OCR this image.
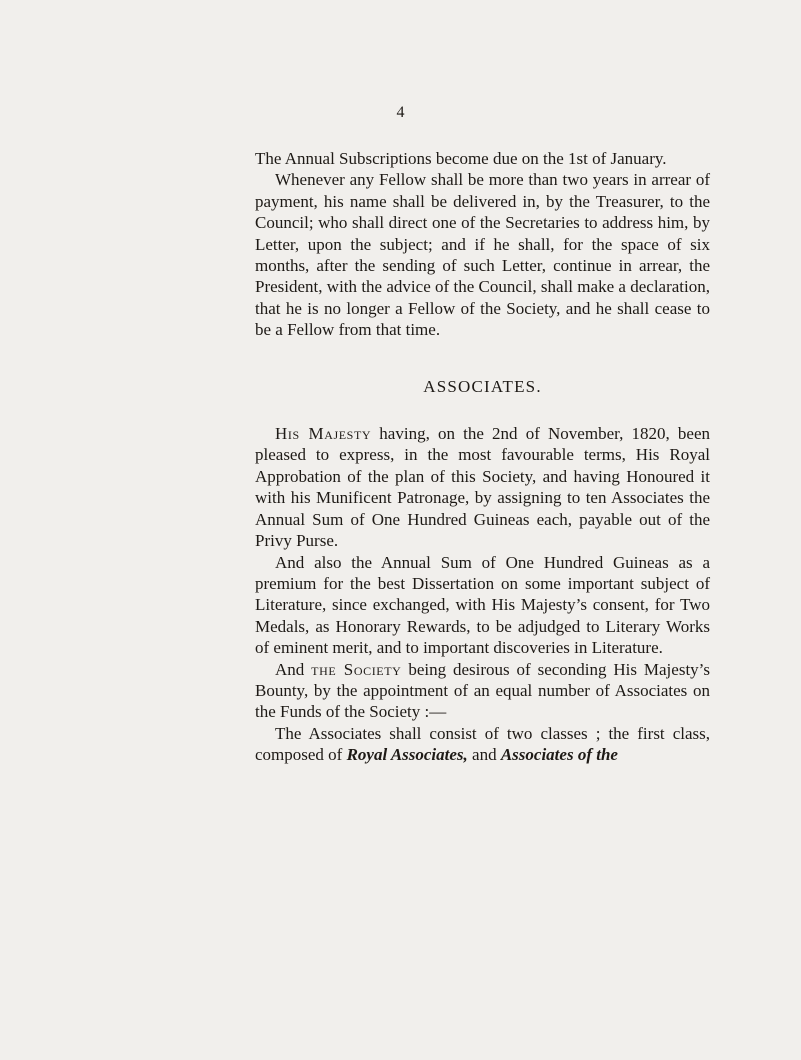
4

The Annual Subscriptions become due on the 1st of January.

Whenever any Fellow shall be more than two years in arrear of payment, his name shall be delivered in, by the Treasurer, to the Council; who shall direct one of the Secretaries to address him, by Letter, upon the subject; and if he shall, for the space of six months, after the sending of such Letter, continue in arrear, the President, with the advice of the Council, shall make a declaration, that he is no longer a Fellow of the Society, and he shall cease to be a Fellow from that time.

ASSOCIATES.

His Majesty having, on the 2nd of November, 1820, been pleased to express, in the most favourable terms, His Royal Approbation of the plan of this Society, and having Honoured it with his Munificent Patronage, by assigning to ten Associates the Annual Sum of One Hundred Guineas each, payable out of the Privy Purse.

And also the Annual Sum of One Hundred Guineas as a premium for the best Dissertation on some important subject of Literature, since exchanged, with His Majesty’s consent, for Two Medals, as Honorary Rewards, to be adjudged to Literary Works of eminent merit, and to important discoveries in Literature.

And the Society being desirous of seconding His Majesty’s Bounty, by the appointment of an equal number of Associates on the Funds of the Society :—

The Associates shall consist of two classes ; the first class, composed of Royal Associates, and Associates of the
